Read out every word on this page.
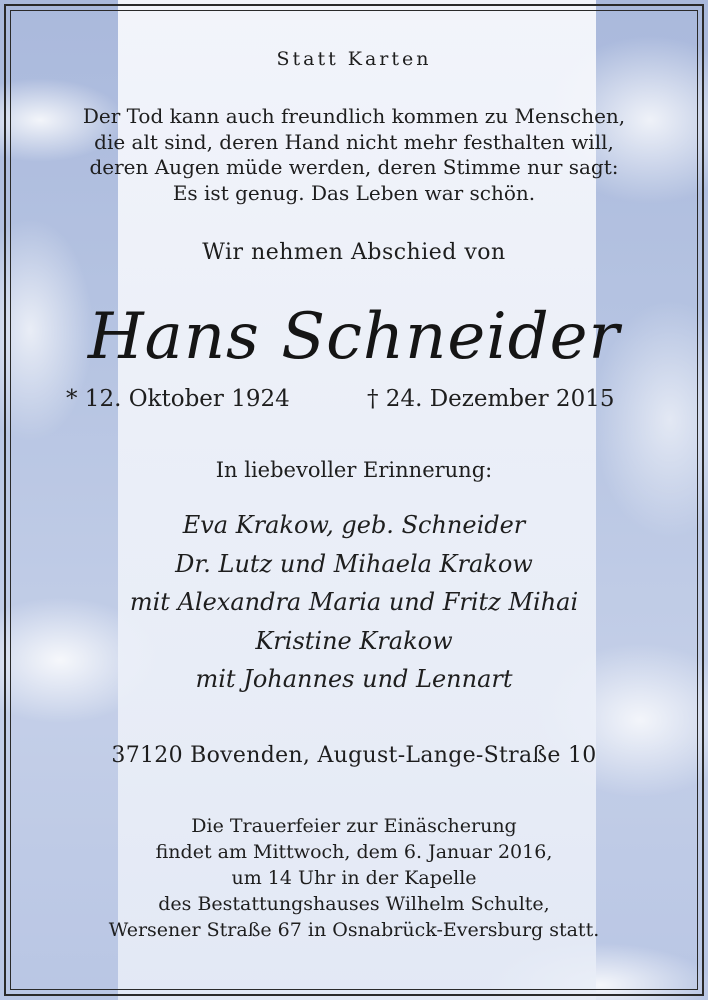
Statt Karten
Der Tod kann auch freundlich kommen zu Menschen,
die alt sind, deren Hand nicht mehr festhalten will,
deren Augen müde werden, deren Stimme nur sagt:
Es ist genug. Das Leben war schön.
Wir nehmen Abschied von
Hans Schneider
* 12. Oktober 1924	† 24. Dezember 2015
In liebevoller Erinnerung:
Eva Krakow, geb. Schneider
Dr. Lutz und Mihaela Krakow
mit Alexandra Maria und Fritz Mihai
Kristine Krakow
mit Johannes und Lennart
37120 Bovenden, August-Lange-Straße 10
Die Trauerfeier zur Einäscherung
findet am Mittwoch, dem 6. Januar 2016,
um 14 Uhr in der Kapelle
des Bestattungshauses Wilhelm Schulte,
Wersener Straße 67 in Osnabrück-Eversburg statt.
